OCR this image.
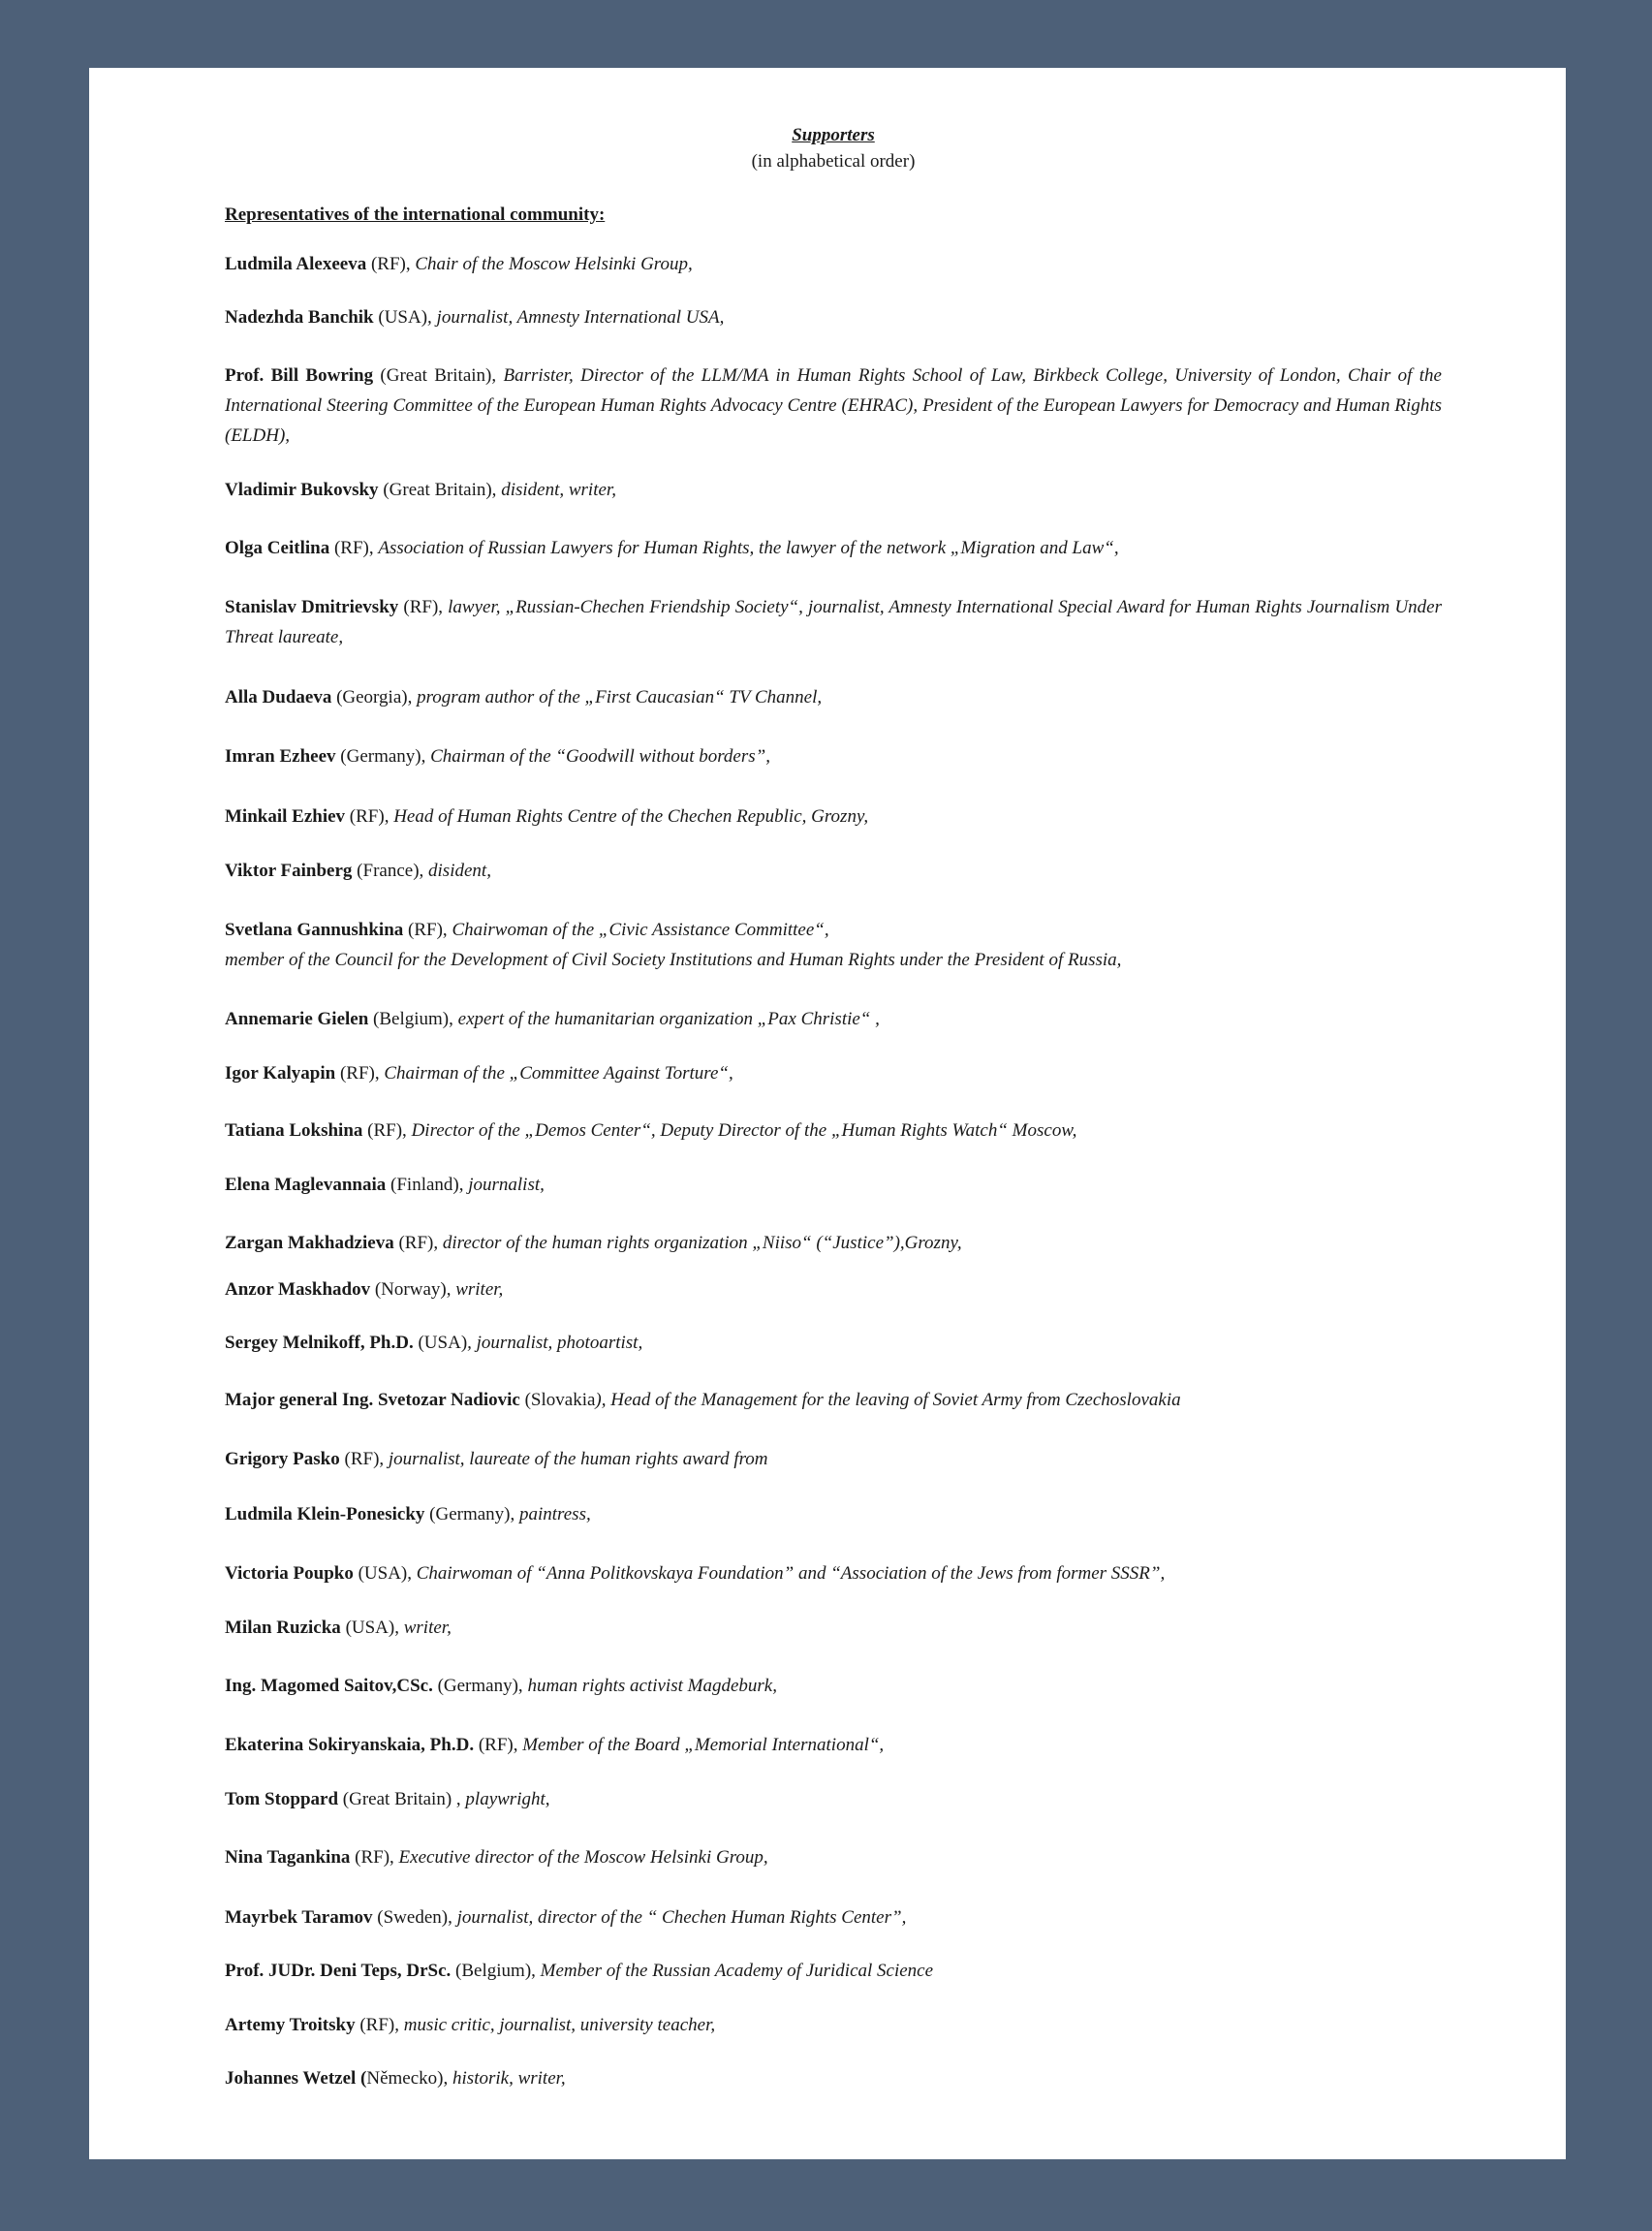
Supporters

(in alphabetical order)

Representatives of the international community:

Ludmila Alexeeva (RF), Chair of the Moscow Helsinki Group,

Nadezhda Banchik (USA), journalist, Amnesty International USA,

Prof. Bill Bowring (Great Britain), Barrister, Director of the LLM/MA in Human Rights School of Law, Birkbeck College, University of London, Chair of the International Steering Committee of the European Human Rights Advocacy Centre (EHRAC), President of the European Lawyers for Democracy and Human Rights (ELDH),

Vladimir Bukovsky (Great Britain), disident, writer,

Olga Ceitlina (RF), Association of Russian Lawyers for Human Rights, the lawyer of the network „Migration and Law“,

Stanislav Dmitrievsky (RF), lawyer, „Russian-Chechen Friendship Society“, journalist, Amnesty International Special Award for Human Rights Journalism Under Threat laureate,

Alla Dudaeva (Georgia), program author of the „First Caucasian“ TV Channel,

Imran Ezheev (Germany), Chairman of the “Goodwill without borders”,

Minkail Ezhiev (RF), Head of Human Rights Centre of the Chechen Republic, Grozny,

Viktor Fainberg (France), disident,

Svetlana Gannushkina (RF), Chairwoman of the „Civic Assistance Committee“,
member of the Council for the Development of Civil Society Institutions and Human Rights under the President of Russia,

Annemarie Gielen (Belgium), expert of the humanitarian organization „Pax Christie“ ,

Igor Kalyapin (RF), Chairman of the „Committee Against Torture“,

Tatiana Lokshina (RF), Director of the „Demos Center“, Deputy Director of the „Human Rights Watch“ Moscow,

Elena Maglevannaia (Finland), journalist,

Zargan Makhadzieva (RF), director of the human rights organization „Niiso“ (“Justice”),Grozny,

Anzor Maskhadov (Norway), writer,

Sergey Melnikoff, Ph.D. (USA), journalist, photoartist,

Major general Ing. Svetozar Nadiovic (Slovakia), Head of the Management for the leaving of Soviet Army from Czechoslovakia

Grigory Pasko (RF), journalist, laureate of the human rights award from

Ludmila Klein-Ponesicky (Germany), paintress,

Victoria Poupko (USA), Chairwoman of “Anna Politkovskaya Foundation” and “Association of the Jews from former SSSR”,

Milan Ruzicka (USA), writer,

Ing. Magomed Saitov,CSc. (Germany), human rights activist Magdeburk,

Ekaterina Sokiryanskaia, Ph.D. (RF), Member of the Board „Memorial International“,

Tom Stoppard (Great Britain) , playwright,

Nina Tagankina (RF), Executive director of the Moscow Helsinki Group,

Mayrbek Taramov (Sweden), journalist, director of the “ Chechen Human Rights Center”,

Prof. JUDr. Deni Teps, DrSc. (Belgium), Member of the Russian Academy of Juridical Science

Artemy Troitsky (RF), music critic, journalist, university teacher,

Johannes Wetzel (Německo), historik, writer,
